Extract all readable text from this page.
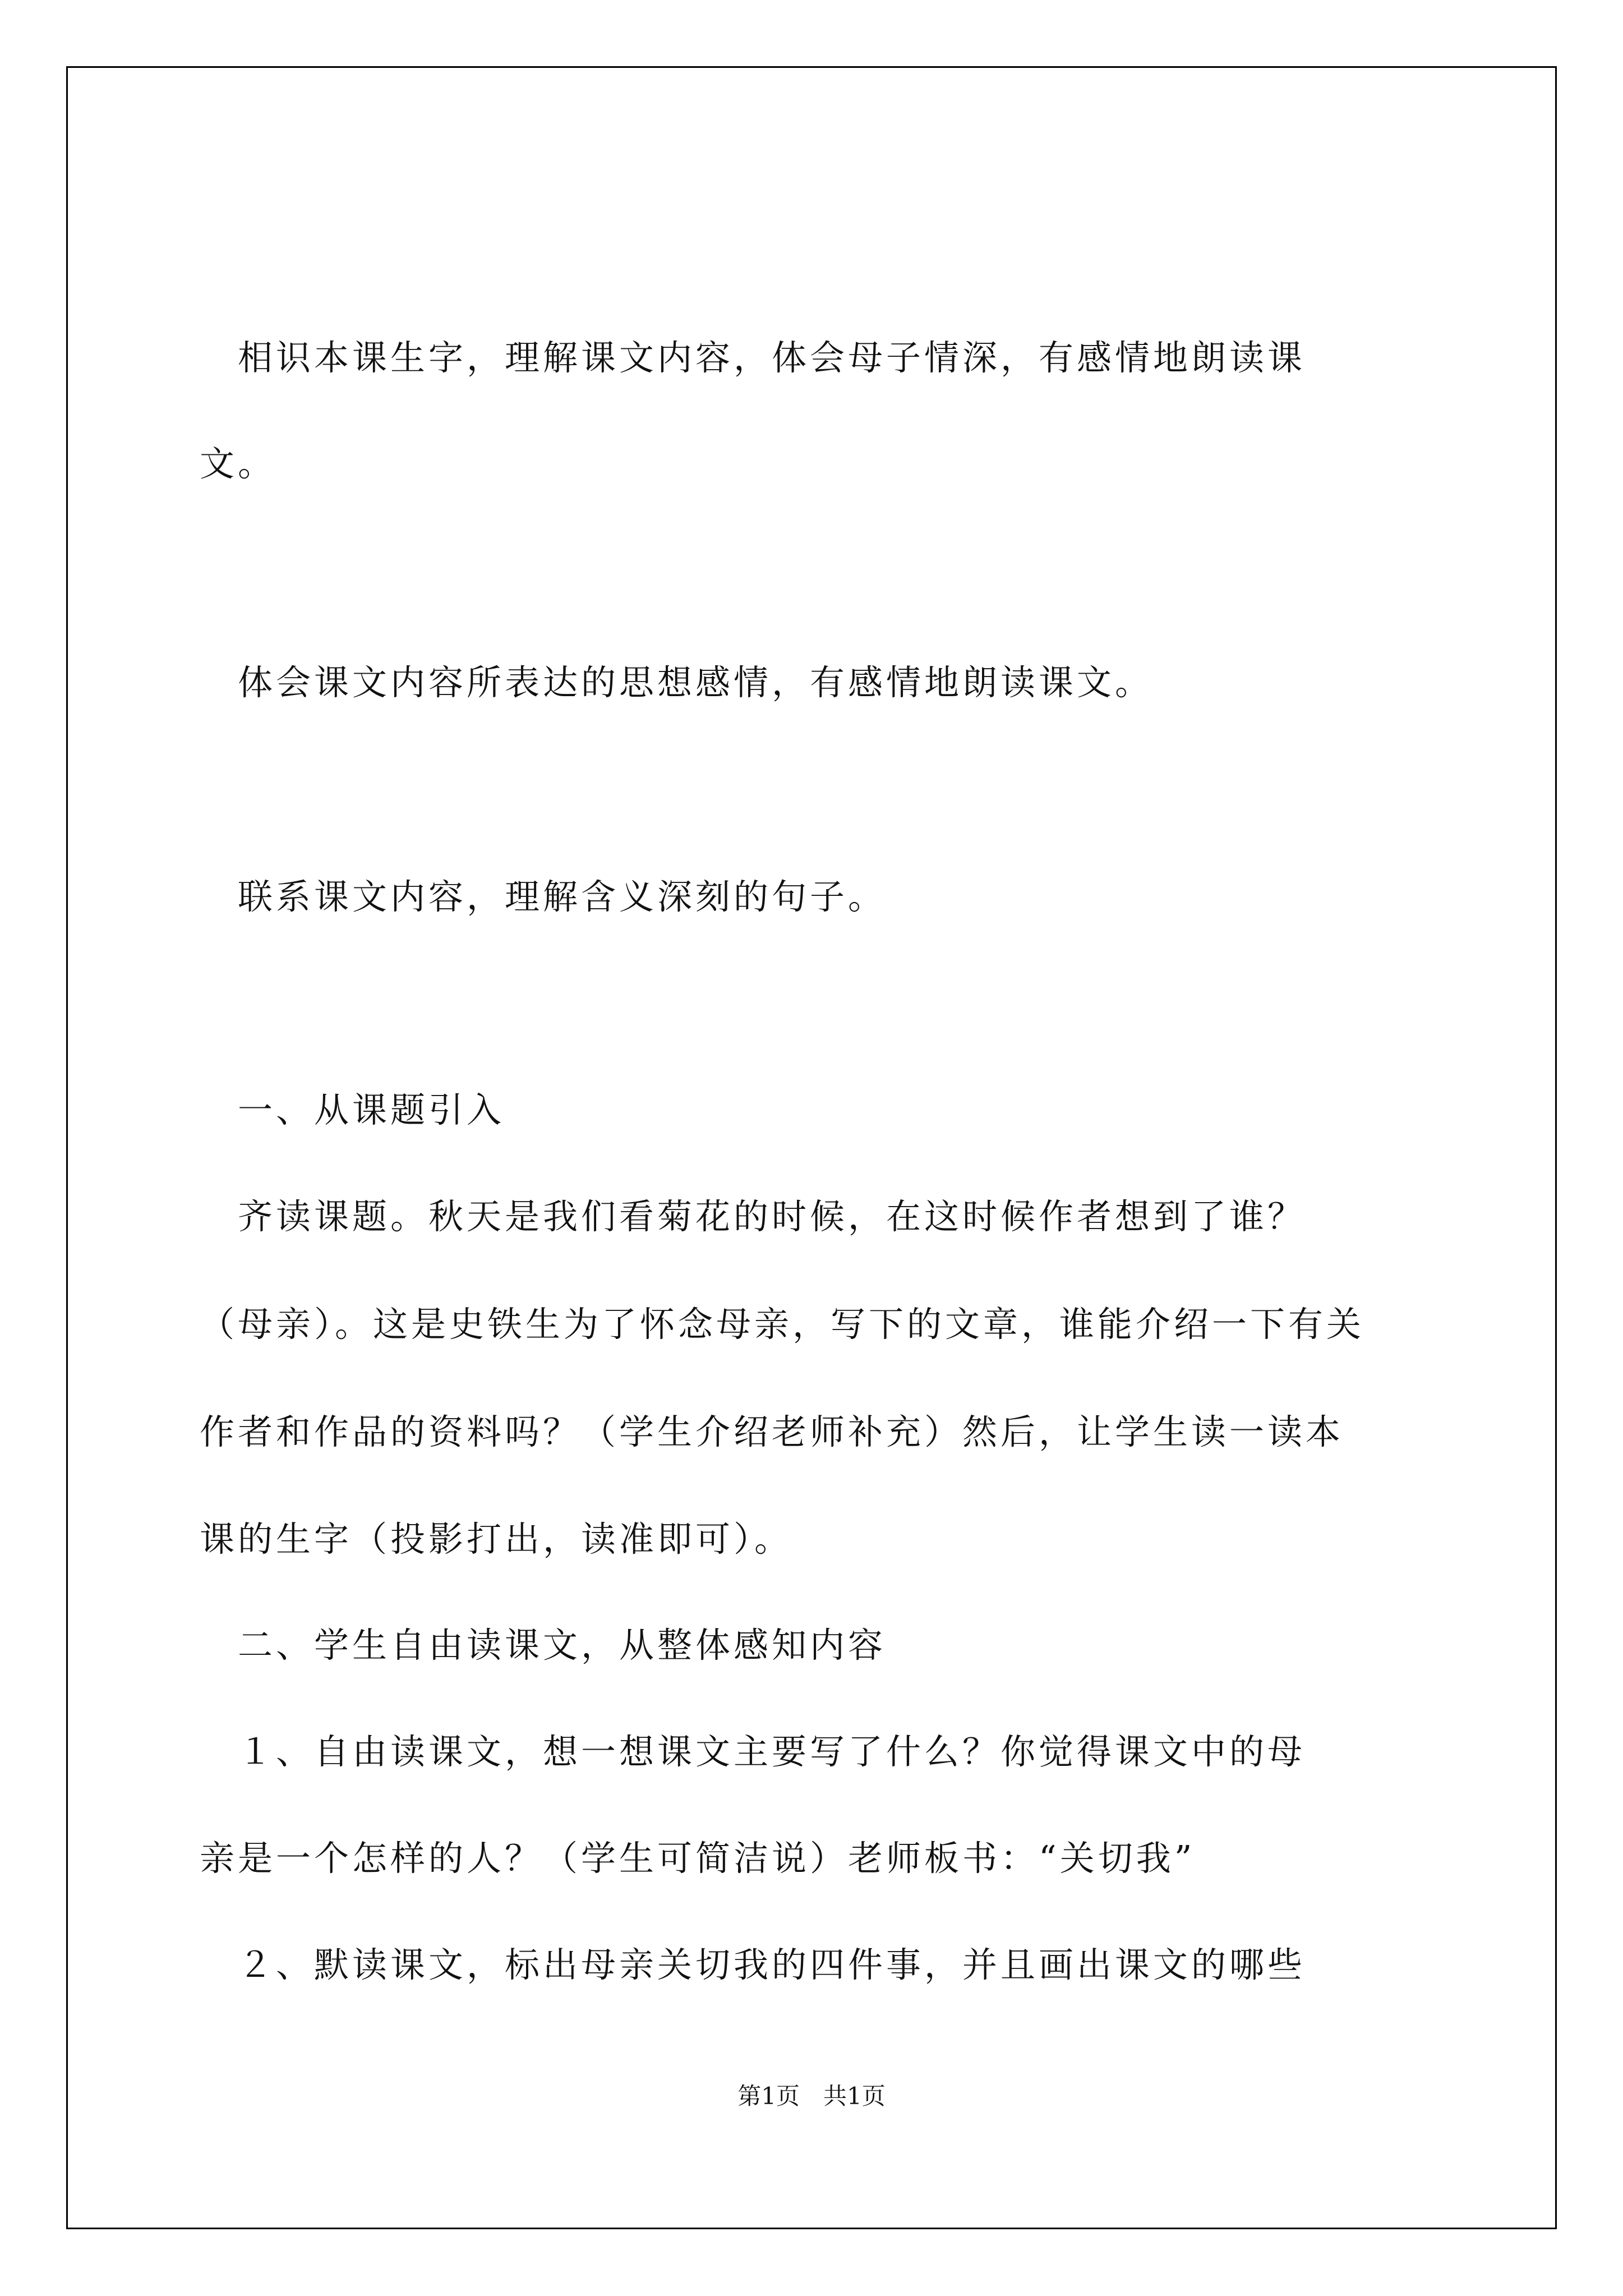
　相识本课生字，理解课文内容，体会母子情深，有感情地朗读课

文。

　体会课文内容所表达的思想感情，有感情地朗读课文。

　联系课文内容，理解含义深刻的句子。

　一、从课题引入

　齐读课题。秋天是我们看菊花的时候，在这时候作者想到了谁？

（母亲）。这是史铁生为了怀念母亲，写下的文章，谁能介绍一下有关

作者和作品的资料吗？（学生介绍老师补充）然后，让学生读一读本

课的生字（投影打出，读准即可）。

　二、学生自由读课文，从整体感知内容

　１、自由读课文，想一想课文主要写了什么？你觉得课文中的母

亲是一个怎样的人？（学生可简洁说）老师板书：“关切我”

　２、默读课文，标出母亲关切我的四件事，并且画出课文的哪些

第1页　共1页
